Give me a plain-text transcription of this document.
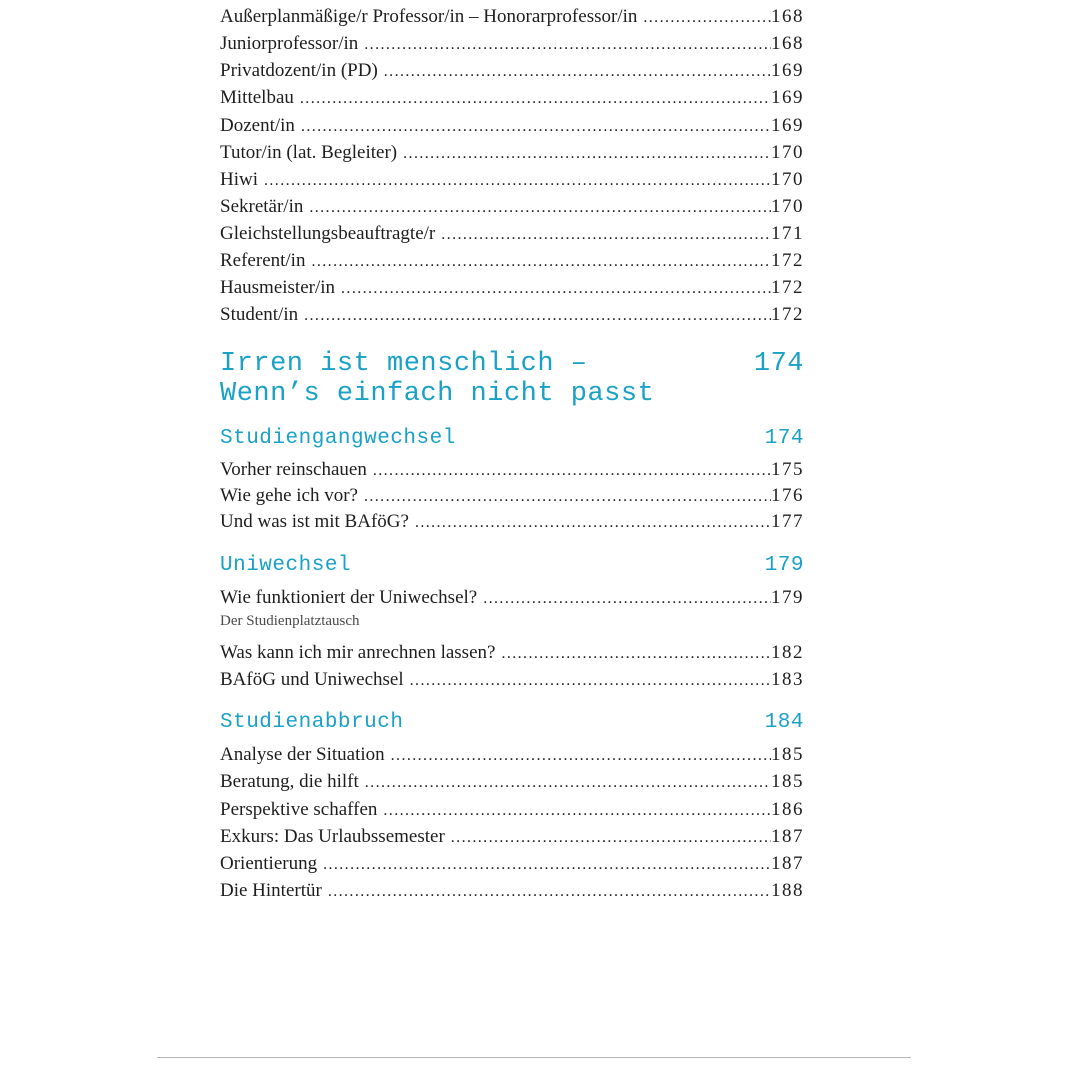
Außerplanmäßige/r Professor/in – Honorarprofessor/in .....	168
Juniorprofessor/in .....	168
Privatdozent/in (PD) .....	169
Mittelbau .....	169
Dozent/in .....	169
Tutor/in (lat. Begleiter) .....	170
Hiwi .....	170
Sekretär/in .....	170
Gleichstellungsbeauftragte/r .....	171
Referent/in .....	172
Hausmeister/in .....	172
Student/in .....	172
Irren ist menschlich –
Wenn’s einfach nicht passt
174
Studiengangwechsel	174
Vorher reinschauen .....	175
Wie gehe ich vor? .....	176
Und was ist mit BAföG? .....	177
Uniwechsel	179
Wie funktioniert der Uniwechsel? .....	179
Der Studienplatztausch
Was kann ich mir anrechnen lassen? .....	182
BAföG und Uniwechsel .....	183
Studienabbruch	184
Analyse der Situation .....	185
Beratung, die hilft .....	185
Perspektive schaffen .....	186
Exkurs: Das Urlaubssemester .....	187
Orientierung .....	187
Die Hintertür .....	188
